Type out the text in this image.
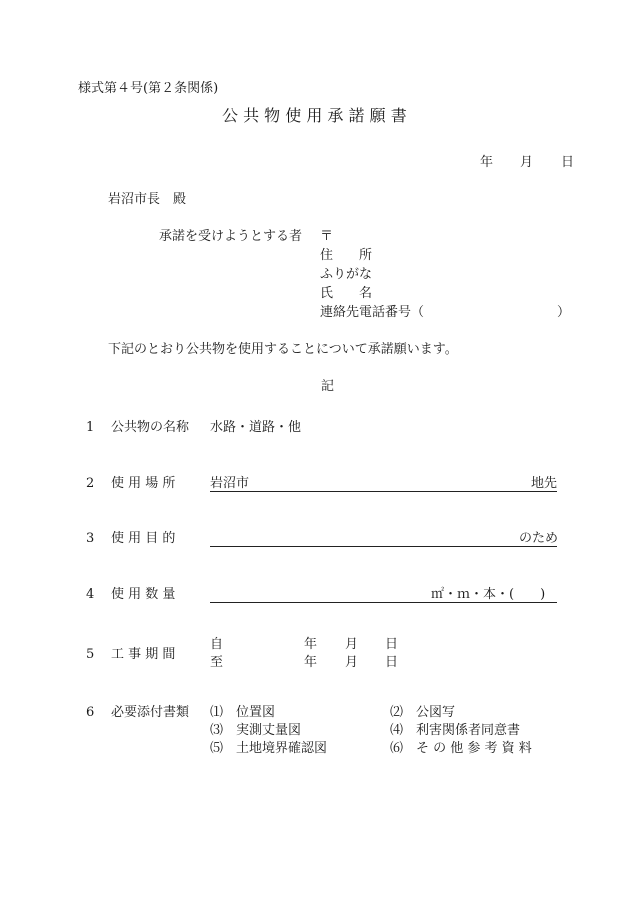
様式第４号(第２条関係)
公 共 物 使 用 承 諾 願 書
年 月 日
岩沼市長　殿
承諾を受けようとする者 〒
住　　所
ふりがな
氏　　名
連絡先電話番号（	）
下記のとおり公共物を使用することについて承諾願います。
記
1 公共物の名称 水路・道路・他
2 使 用 場 所	岩沼市	地先
3 使 用 目 的	のため
4 使 用 数 量	㎡・ｍ・本・(　　)
5 工 事 期 間
自	年 月 日
至	年 月 日
6 必要添付書類 ⑴　位置図	⑵　公図写
⑶　実測丈量図	⑷　利害関係者同意書
⑸　土地境界確認図	⑹　そ の 他 参 考 資 料
